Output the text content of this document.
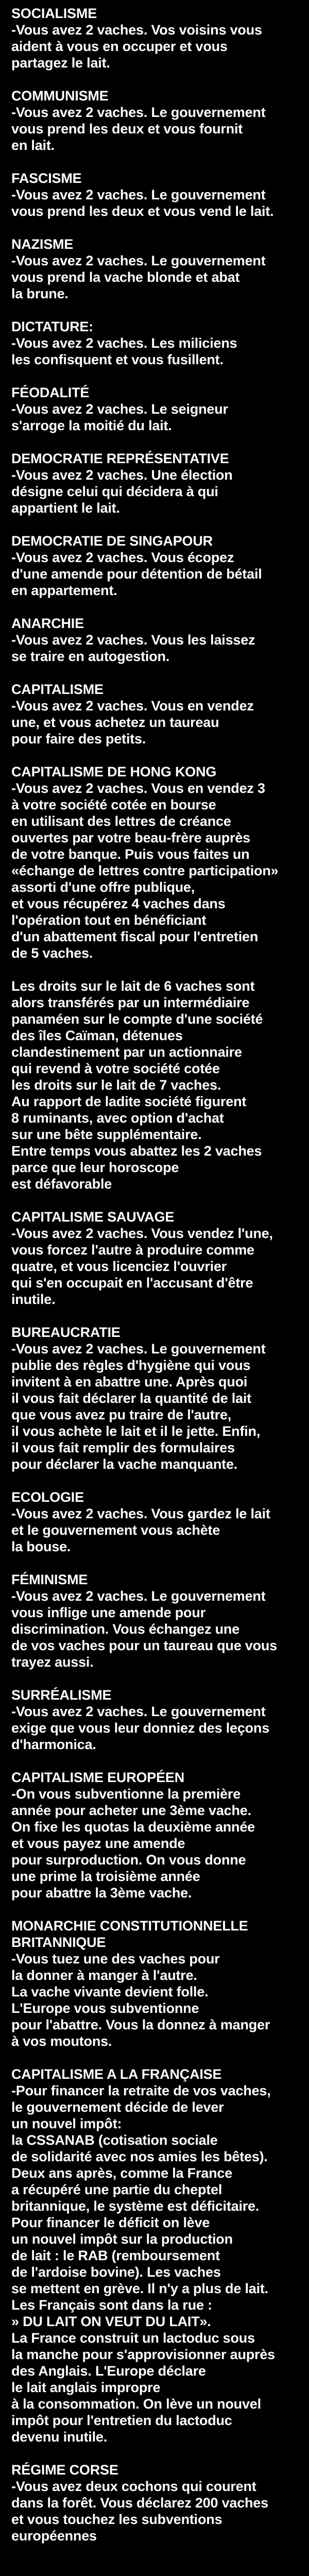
SOCIALISME
-Vous avez 2 vaches. Vos voisins vous
aident à vous en occuper et vous
partagez le lait.
COMMUNISME
-Vous avez 2 vaches. Le gouvernement
vous prend les deux et vous fournit
en lait.
FASCISME
-Vous avez 2 vaches. Le gouvernement
vous prend les deux et vous vend le lait.
NAZISME
-Vous avez 2 vaches. Le gouvernement
vous prend la vache blonde et abat
la brune.
DICTATURE:
-Vous avez 2 vaches. Les miliciens
les confisquent et vous fusillent.
FÉODALITÉ
-Vous avez 2 vaches. Le seigneur
s'arroge la moitié du lait.
DEMOCRATIE REPRÉSENTATIVE
-Vous avez 2 vaches. Une élection
désigne celui qui décidera à qui
appartient le lait.
DEMOCRATIE DE SINGAPOUR
-Vous avez 2 vaches. Vous écopez
d'une amende pour détention de bétail
en appartement.
ANARCHIE
-Vous avez 2 vaches. Vous les laissez
se traire en autogestion.
CAPITALISME
-Vous avez 2 vaches. Vous en vendez
une, et vous achetez un taureau
pour faire des petits.
CAPITALISME DE HONG KONG
-Vous avez 2 vaches. Vous en vendez 3
à votre société cotée en bourse
en utilisant des lettres de créance
ouvertes par votre beau-frère auprès
de votre banque. Puis vous faites un
«échange de lettres contre participation»
assorti d'une offre publique,
et vous récupérez 4 vaches dans
l'opération tout en bénéficiant
d'un abattement fiscal pour l'entretien
de 5 vaches.
Les droits sur le lait de 6 vaches sont
alors transférés par un intermédiaire
panaméen sur le compte d'une société
des îles Caïman, détenues
clandestinement par un actionnaire
qui revend à votre société cotée
les droits sur le lait de 7 vaches.
Au rapport de ladite société figurent
8 ruminants, avec option d'achat
sur une bête supplémentaire.
Entre temps vous abattez les 2 vaches
parce que leur horoscope
est défavorable
CAPITALISME SAUVAGE
-Vous avez 2 vaches. Vous vendez l'une,
vous forcez l'autre à produire comme
quatre, et vous licenciez l'ouvrier
qui s'en occupait en l'accusant d'être
inutile.
BUREAUCRATIE
-Vous avez 2 vaches. Le gouvernement
publie des règles d'hygiène qui vous
invitent à en abattre une. Après quoi
il vous fait déclarer la quantité de lait
que vous avez pu traire de l'autre,
il vous achète le lait et il le jette. Enfin,
il vous fait remplir des formulaires
pour déclarer la vache manquante.
ECOLOGIE
-Vous avez 2 vaches. Vous gardez le lait
et le gouvernement vous achète
la bouse.
FÉMINISME
-Vous avez 2 vaches. Le gouvernement
vous inflige une amende pour
discrimination. Vous échangez une
de vos vaches pour un taureau que vous
trayez aussi.
SURRÉALISME
-Vous avez 2 vaches. Le gouvernement
exige que vous leur donniez des leçons
d'harmonica.
CAPITALISME EUROPÉEN
-On vous subventionne la première
année pour acheter une 3ème vache.
On fixe les quotas la deuxième année
et vous payez une amende
pour surproduction. On vous donne
une prime la troisième année
pour abattre la 3ème vache.
MONARCHIE CONSTITUTIONNELLE
BRITANNIQUE
-Vous tuez une des vaches pour
la donner à manger à l'autre.
La vache vivante devient folle.
L'Europe vous subventionne
pour l'abattre. Vous la donnez à manger
à vos moutons.
CAPITALISME A LA FRANÇAISE
-Pour financer la retraite de vos vaches,
le gouvernement décide de lever
un nouvel impôt:
la CSSANAB (cotisation sociale
de solidarité avec nos amies les bêtes).
Deux ans après, comme la France
a récupéré une partie du cheptel
britannique, le système est déficitaire.
Pour financer le déficit on lève
un nouvel impôt sur la production
de lait : le RAB (remboursement
de l'ardoise bovine). Les vaches
se mettent en grève. Il n'y a plus de lait.
Les Français sont dans la rue :
» DU LAIT ON VEUT DU LAIT».
La France construit un lactoduc sous
la manche pour s'approvisionner auprès
des Anglais. L'Europe déclare
le lait anglais impropre
à la consommation. On lève un nouvel
impôt pour l'entretien du lactoduc
devenu inutile.
RÉGIME CORSE
-Vous avez deux cochons qui courent
dans la forêt. Vous déclarez 200 vaches
et vous touchez les subventions
européennes
